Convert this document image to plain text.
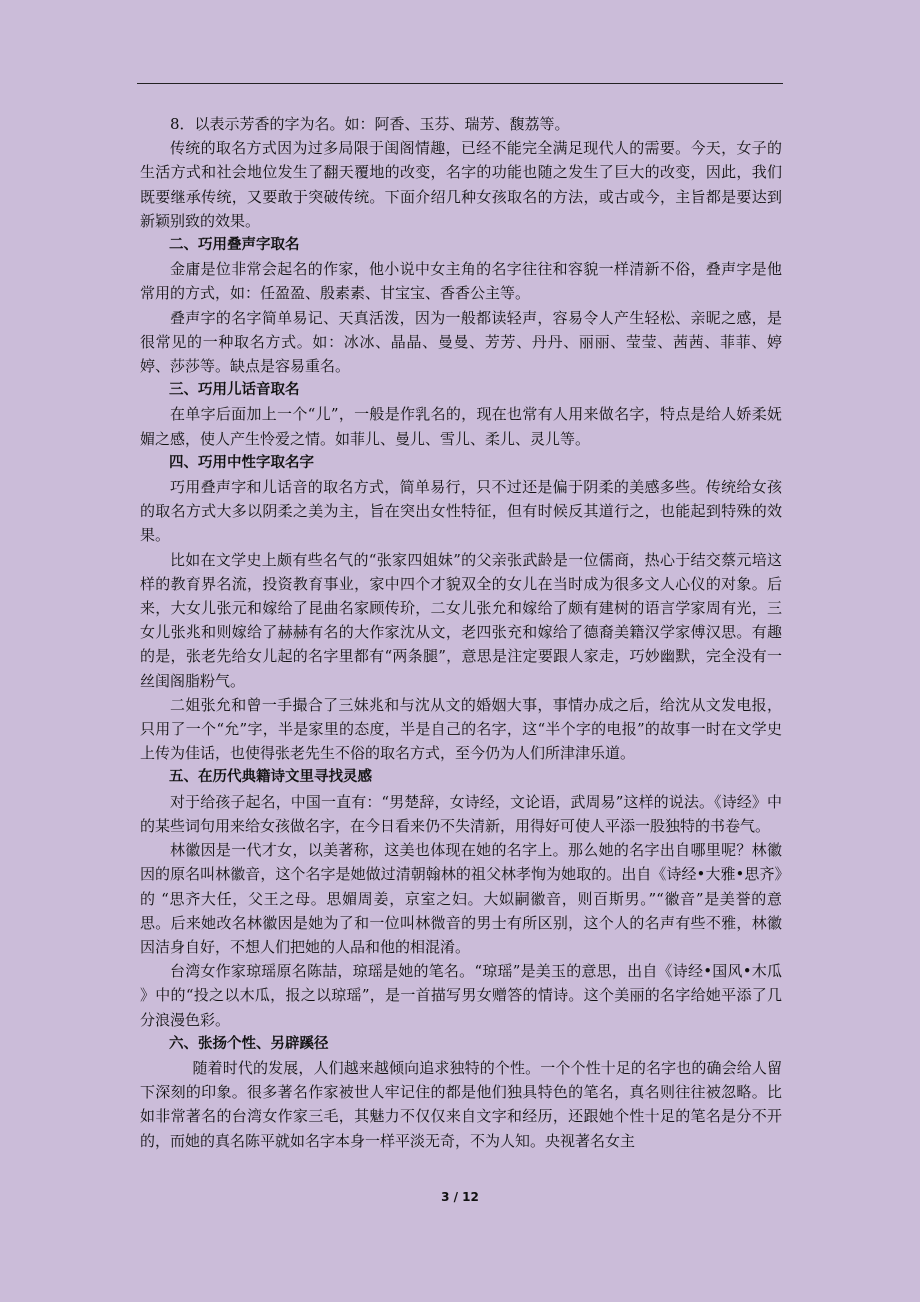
8．以表示芳香的字为名。如：阿香、玉芬、瑞芳、馥荔等。

传统的取名方式因为过多局限于闺阁情趣，已经不能完全满足现代人的需要。今天，女子的生活方式和社会地位发生了翻天覆地的改变，名字的功能也随之发生了巨大的改变，因此，我们既要继承传统，又要敢于突破传统。下面介绍几种女孩取名的方法，或古或今，主旨都是要达到新颖别致的效果。

二、巧用叠声字取名

金庸是位非常会起名的作家，他小说中女主角的名字往往和容貌一样清新不俗，叠声字是他常用的方式，如：任盈盈、殷素素、甘宝宝、香香公主等。

叠声字的名字简单易记、天真活泼，因为一般都读轻声，容易令人产生轻松、亲昵之感，是很常见的一种取名方式。如：冰冰、晶晶、曼曼、芳芳、丹丹、丽丽、莹莹、茜茜、菲菲、婷婷、莎莎等。缺点是容易重名。

三、巧用儿话音取名

在单字后面加上一个“儿”，一般是作乳名的，现在也常有人用来做名字，特点是给人娇柔妩媚之感，使人产生怜爱之情。如菲儿、曼儿、雪儿、柔儿、灵儿等。

四、巧用中性字取名字

巧用叠声字和儿话音的取名方式，简单易行，只不过还是偏于阴柔的美感多些。传统给女孩的取名方式大多以阴柔之美为主，旨在突出女性特征，但有时候反其道行之，也能起到特殊的效果。

比如在文学史上颇有些名气的“张家四姐妹”的父亲张武龄是一位儒商，热心于结交蔡元培这样的教育界名流，投资教育事业，家中四个才貌双全的女儿在当时成为很多文人心仪的对象。后来，大女儿张元和嫁给了昆曲名家顾传玠，二女儿张允和嫁给了颇有建树的语言学家周有光，三女儿张兆和则嫁给了赫赫有名的大作家沈从文，老四张充和嫁给了德裔美籍汉学家傅汉思。有趣的是，张老先给女儿起的名字里都有“两条腿”，意思是注定要跟人家走，巧妙幽默，完全没有一丝闺阁脂粉气。

二姐张允和曾一手撮合了三妹兆和与沈从文的婚姻大事，事情办成之后，给沈从文发电报，只用了一个“允”字，半是家里的态度，半是自己的名字，这“半个字的电报”的故事一时在文学史上传为佳话，也使得张老先生不俗的取名方式，至今仍为人们所津津乐道。

五、在历代典籍诗文里寻找灵感

对于给孩子起名，中国一直有：“男楚辞，女诗经，文论语，武周易”这样的说法。《诗经》中的某些词句用来给女孩做名字，在今日看来仍不失清新，用得好可使人平添一股独特的书卷气。

林徽因是一代才女，以美著称，这美也体现在她的名字上。那么她的名字出自哪里呢？林徽因的原名叫林徽音，这个名字是她做过清朝翰林的祖父林孝恂为她取的。出自《诗经•大雅•思齐》的 “思齐大任，父王之母。思媚周姜，京室之妇。大姒嗣徽音，则百斯男。”“徽音”是美誉的意思。后来她改名林徽因是她为了和一位叫林微音的男士有所区别，这个人的名声有些不雅，林徽因洁身自好，不想人们把她的人品和他的相混淆。

台湾女作家琼瑶原名陈喆，琼瑶是她的笔名。“琼瑶”是美玉的意思，出自《诗经•国风•木瓜 》中的“投之以木瓜，报之以琼瑶”，是一首描写男女赠答的情诗。这个美丽的名字给她平添了几分浪漫色彩。

六、张扬个性、另辟蹊径

随着时代的发展，人们越来越倾向追求独特的个性。一个个性十足的名字也的确会给人留下深刻的印象。很多著名作家被世人牢记住的都是他们独具特色的笔名，真名则往往被忽略。比如非常著名的台湾女作家三毛，其魅力不仅仅来自文字和经历，还跟她个性十足的笔名是分不开的，而她的真名陈平就如名字本身一样平淡无奇，不为人知。央视著名女主

3 / 12
